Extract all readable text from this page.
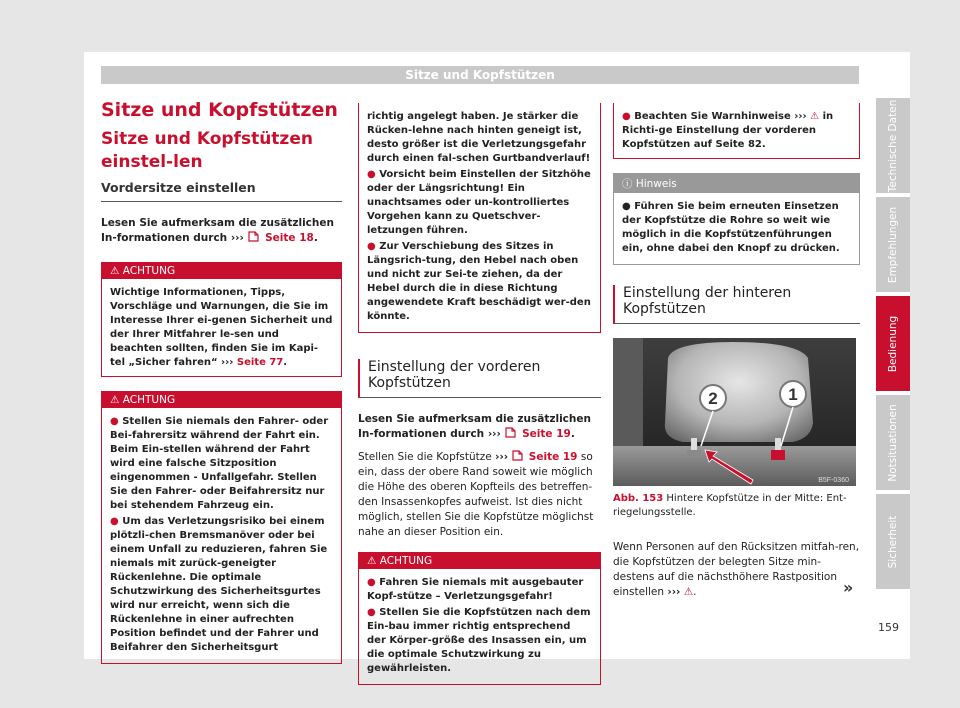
Sitze und Kopfstützen
Sitze und Kopfstützen
Sitze und Kopfstützen einstel-len
Vordersitze einstellen

Lesen Sie aufmerksam die zusätzlichen In-formationen durch ››› Seite 18.

⚠ ACHTUNG
Wichtige Informationen, Tipps, Vorschläge und Warnungen, die Sie im Interesse Ihrer ei-genen Sicherheit und der Ihrer Mitfahrer le-sen und beachten sollten, finden Sie im Kapi-tel „Sicher fahren“ ››› Seite 77.
⚠ ACHTUNG
● Stellen Sie niemals den Fahrer- oder Bei-fahrersitz während der Fahrt ein. Beim Ein-stellen während der Fahrt wird eine falsche Sitzposition eingenommen - Unfallgefahr. Stellen Sie den Fahrer- oder Beifahrersitz nur bei stehendem Fahrzeug ein.
● Um das Verletzungsrisiko bei einem plötzli-chen Bremsmanöver oder bei einem Unfall zu reduzieren, fahren Sie niemals mit zurück-geneigter Rückenlehne. Die optimale Schutzwirkung des Sicherheitsgurtes wird nur erreicht, wenn sich die Rückenlehne in einer aufrechten Position befindet und der Fahrer und Beifahrer den Sicherheitsgurt
richtig angelegt haben. Je stärker die Rücken-lehne nach hinten geneigt ist, desto größer ist die Verletzungsgefahr durch einen fal-schen Gurtbandverlauf!
● Vorsicht beim Einstellen der Sitzhöhe oder der Längsrichtung! Ein unachtsames oder un-kontrolliertes Vorgehen kann zu Quetschver-letzungen führen.
● Zur Verschiebung des Sitzes in Längsrich-tung, den Hebel nach oben und nicht zur Sei-te ziehen, da der Hebel durch die in diese Richtung angewendete Kraft beschädigt wer-den könnte.
Einstellung der vorderen Kopfstützen

Lesen Sie aufmerksam die zusätzlichen In-formationen durch ››› Seite 19.

Stellen Sie die Kopfstütze ››› Seite 19 so ein, dass der obere Rand soweit wie möglich die Höhe des oberen Kopfteils des betreffen-den Insassenkopfes aufweist. Ist dies nicht möglich, stellen Sie die Kopfstütze möglichst nahe an dieser Position ein.

⚠ ACHTUNG
● Fahren Sie niemals mit ausgebauter Kopf-stütze – Verletzungsgefahr!
● Stellen Sie die Kopfstützen nach dem Ein-bau immer richtig entsprechend der Körper-größe des Insassen ein, um die optimale Schutzwirkung zu gewährleisten.
● Beachten Sie Warnhinweise ››› ⚠ in Richti-ge Einstellung der vorderen Kopfstützen auf Seite 82.
ⓘ Hinweis
● Führen Sie beim erneuten Einsetzen der Kopfstütze die Rohre so weit wie möglich in die Kopfstützenführungen ein, ohne dabei den Knopf zu drücken.
Einstellung der hinteren Kopfstützen
2	1
B5F-0360
Abb. 153 Hintere Kopfstütze in der Mitte: Ent-riegelungsstelle.

Wenn Personen auf den Rücksitzen mitfah-ren, die Kopfstützen der belegten Sitze min-destens auf die nächsthöhere Rastposition einstellen ››› ⚠.	»
Technische Daten
Empfehlungen
Bedienung
Notsituationen
Sicherheit
159
